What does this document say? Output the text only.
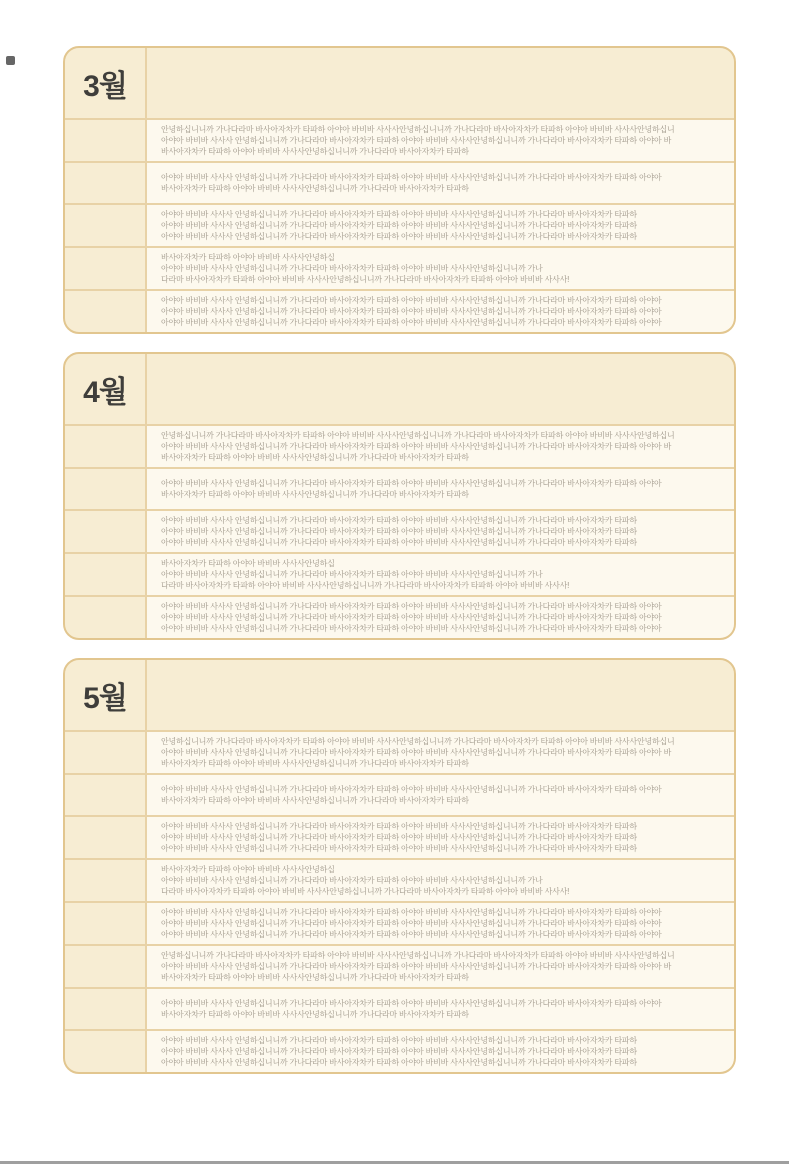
3월
안녕하십니니까 가나다라마 바사아자차카 타파하 아야아 바비바 사사사안녕하십니니까 가나다라마 바사아자차카 타파하 아야아 바비바 사사사안녕하십니
아야아 바비바 사사사 안녕하십니니까 가나다라마 바사아자차카 타파하 아야아 바비바 사사사안녕하십니니까 가나다라마 바사아자차카 타파하 아야아 바
바사아자차카 타파하 아야아 바비바 사사사안녕하십니니까 가나다라마 바사아자차카 타파하
아야아 바비바 사사사 안녕하십니니까 가나다라마 바사아자차카 타파하 아야아 바비바 사사사안녕하십니니까 가나다라마 바사아자차카 타파하 아야아
바사아자차카 타파하 아야아 바비바 사사사안녕하십니니까 가나다라마 바사아자차카 타파하
아야아 바비바 사사사 안녕하십니니까 가나다라마 바사아자차카 타파하 아야아 바비바 사사사안녕하십니니까 가나다라마 바사아자차카 타파하
아야아 바비바 사사사 안녕하십니니까 가나다라마 바사아자차카 타파하 아야아 바비바 사사사안녕하십니니까 가나다라마 바사아자차카 타파하
아야아 바비바 사사사 안녕하십니니까 가나다라마 바사아자차카 타파하 아야아 바비바 사사사안녕하십니니까 가나다라마 바사아자차카 타파하
바사아자차카 타파하 아야아 바비바 사사사안녕하십
아야아 바비바 사사사 안녕하십니니까 가나다라마 바사아자차카 타파하 아야아 바비바 사사사안녕하십니니까 가나
다라마 바사아자차카 타파하 아야아 바비바 사사사안녕하십니니까 가나다라마 바사아자차카 타파하 아야아 바비바 사사사!
아야아 바비바 사사사 안녕하십니니까 가나다라마 바사아자차카 타파하 아야아 바비바 사사사안녕하십니니까 가나다라마 바사아자차카 타파하 아야아
아야아 바비바 사사사 안녕하십니니까 가나다라마 바사아자차카 타파하 아야아 바비바 사사사안녕하십니니까 가나다라마 바사아자차카 타파하 아야아
아야아 바비바 사사사 안녕하십니니까 가나다라마 바사아자차카 타파하 아야아 바비바 사사사안녕하십니니까 가나다라마 바사아자차카 타파하 아야아
4월
안녕하십니니까 가나다라마 바사아자차카 타파하 아야아 바비바 사사사안녕하십니니까 가나다라마 바사아자차카 타파하 아야아 바비바 사사사안녕하십니
아야아 바비바 사사사 안녕하십니니까 가나다라마 바사아자차카 타파하 아야아 바비바 사사사안녕하십니니까 가나다라마 바사아자차카 타파하 아야아 바
바사아자차카 타파하 아야아 바비바 사사사안녕하십니니까 가나다라마 바사아자차카 타파하
아야아 바비바 사사사 안녕하십니니까 가나다라마 바사아자차카 타파하 아야아 바비바 사사사안녕하십니니까 가나다라마 바사아자차카 타파하 아야아
바사아자차카 타파하 아야아 바비바 사사사안녕하십니니까 가나다라마 바사아자차카 타파하
아야아 바비바 사사사 안녕하십니니까 가나다라마 바사아자차카 타파하 아야아 바비바 사사사안녕하십니니까 가나다라마 바사아자차카 타파하
아야아 바비바 사사사 안녕하십니니까 가나다라마 바사아자차카 타파하 아야아 바비바 사사사안녕하십니니까 가나다라마 바사아자차카 타파하
아야아 바비바 사사사 안녕하십니니까 가나다라마 바사아자차카 타파하 아야아 바비바 사사사안녕하십니니까 가나다라마 바사아자차카 타파하
바사아자차카 타파하 아야아 바비바 사사사안녕하십
아야아 바비바 사사사 안녕하십니니까 가나다라마 바사아자차카 타파하 아야아 바비바 사사사안녕하십니니까 가나
다라마 바사아자차카 타파하 아야아 바비바 사사사안녕하십니니까 가나다라마 바사아자차카 타파하 아야아 바비바 사사사!
아야아 바비바 사사사 안녕하십니니까 가나다라마 바사아자차카 타파하 아야아 바비바 사사사안녕하십니니까 가나다라마 바사아자차카 타파하 아야아
아야아 바비바 사사사 안녕하십니니까 가나다라마 바사아자차카 타파하 아야아 바비바 사사사안녕하십니니까 가나다라마 바사아자차카 타파하 아야아
아야아 바비바 사사사 안녕하십니니까 가나다라마 바사아자차카 타파하 아야아 바비바 사사사안녕하십니니까 가나다라마 바사아자차카 타파하 아야아
5월
안녕하십니니까 가나다라마 바사아자차카 타파하 아야아 바비바 사사사안녕하십니니까 가나다라마 바사아자차카 타파하 아야아 바비바 사사사안녕하십니
아야아 바비바 사사사 안녕하십니니까 가나다라마 바사아자차카 타파하 아야아 바비바 사사사안녕하십니니까 가나다라마 바사아자차카 타파하 아야아 바
바사아자차카 타파하 아야아 바비바 사사사안녕하십니니까 가나다라마 바사아자차카 타파하
아야아 바비바 사사사 안녕하십니니까 가나다라마 바사아자차카 타파하 아야아 바비바 사사사안녕하십니니까 가나다라마 바사아자차카 타파하 아야아
바사아자차카 타파하 아야아 바비바 사사사안녕하십니니까 가나다라마 바사아자차카 타파하
아야아 바비바 사사사 안녕하십니니까 가나다라마 바사아자차카 타파하 아야아 바비바 사사사안녕하십니니까 가나다라마 바사아자차카 타파하
아야아 바비바 사사사 안녕하십니니까 가나다라마 바사아자차카 타파하 아야아 바비바 사사사안녕하십니니까 가나다라마 바사아자차카 타파하
아야아 바비바 사사사 안녕하십니니까 가나다라마 바사아자차카 타파하 아야아 바비바 사사사안녕하십니니까 가나다라마 바사아자차카 타파하
바사아자차카 타파하 아야아 바비바 사사사안녕하십
아야아 바비바 사사사 안녕하십니니까 가나다라마 바사아자차카 타파하 아야아 바비바 사사사안녕하십니니까 가나
다라마 바사아자차카 타파하 아야아 바비바 사사사안녕하십니니까 가나다라마 바사아자차카 타파하 아야아 바비바 사사사!
아야아 바비바 사사사 안녕하십니니까 가나다라마 바사아자차카 타파하 아야아 바비바 사사사안녕하십니니까 가나다라마 바사아자차카 타파하 아야아
아야아 바비바 사사사 안녕하십니니까 가나다라마 바사아자차카 타파하 아야아 바비바 사사사안녕하십니니까 가나다라마 바사아자차카 타파하 아야아
아야아 바비바 사사사 안녕하십니니까 가나다라마 바사아자차카 타파하 아야아 바비바 사사사안녕하십니니까 가나다라마 바사아자차카 타파하 아야아
안녕하십니니까 가나다라마 바사아자차카 타파하 아야아 바비바 사사사안녕하십니니까 가나다라마 바사아자차카 타파하 아야아 바비바 사사사안녕하십니
아야아 바비바 사사사 안녕하십니니까 가나다라마 바사아자차카 타파하 아야아 바비바 사사사안녕하십니니까 가나다라마 바사아자차카 타파하 아야아 바
바사아자차카 타파하 아야아 바비바 사사사안녕하십니니까 가나다라마 바사아자차카 타파하
아야아 바비바 사사사 안녕하십니니까 가나다라마 바사아자차카 타파하 아야아 바비바 사사사안녕하십니니까 가나다라마 바사아자차카 타파하 아야아
바사아자차카 타파하 아야아 바비바 사사사안녕하십니니까 가나다라마 바사아자차카 타파하
아야아 바비바 사사사 안녕하십니니까 가나다라마 바사아자차카 타파하 아야아 바비바 사사사안녕하십니니까 가나다라마 바사아자차카 타파하
아야아 바비바 사사사 안녕하십니니까 가나다라마 바사아자차카 타파하 아야아 바비바 사사사안녕하십니니까 가나다라마 바사아자차카 타파하
아야아 바비바 사사사 안녕하십니니까 가나다라마 바사아자차카 타파하 아야아 바비바 사사사안녕하십니니까 가나다라마 바사아자차카 타파하
